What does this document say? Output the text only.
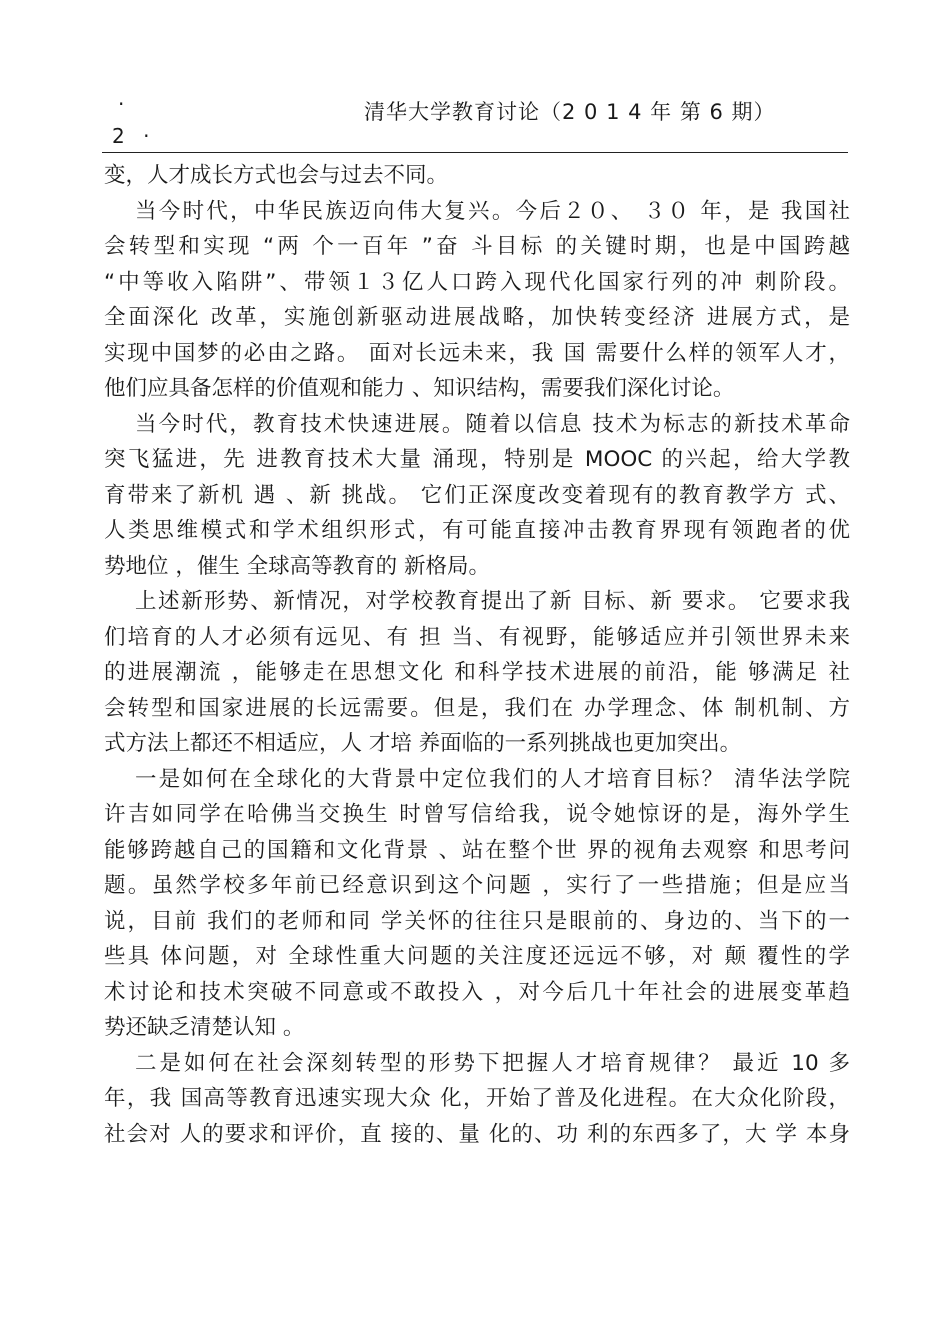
·	清华大学教育讨论（2 0 1 4 年 第 6 期）
2 ·
变，人才成长方式也会与过去不同。
当今时代，中华民族迈向伟大复兴。今后２０、 ３０ 年，是 我国社
会转型和实现 “两 个一百年 ”奋 斗目标 的关键时期，也是中国跨越
“中等收入陷阱”、带领１３亿人口跨入现代化国家行列的冲 刺阶段。
全面深化 改革，实施创新驱动进展战略，加快转变经济 进展方式，是
实现中国梦的必由之路。 面对长远未来，我 国 需要什么样的领军人才，
他们应具备怎样的价值观和能力 、知识结构，需要我们深化讨论。
当今时代，教育技术快速进展。随着以信息 技术为标志的新技术革命
突飞猛进，先 进教育技术大量 涌现，特别是 MOOC 的兴起，给大学教
育带来了新机 遇 、新 挑战。 它们正深度改变着现有的教育教学方 式、
人类思维模式和学术组织形式，有可能直接冲击教育界现有领跑者的优
势地位 ，催生 全球高等教育的 新格局。
上述新形势、新情况，对学校教育提出了新 目标、新 要求。 它要求我
们培育的人才必须有远见、有 担 当、有视野，能够适应并引领世界未来
的进展潮流 ，能够走在思想文化 和科学技术进展的前沿，能 够满足 社
会转型和国家进展的长远需要。但是，我们在 办学理念、体 制机制、方
式方法上都还不相适应，人 才培 养面临的一系列挑战也更加突出。
一是如何在全球化的大背景中定位我们的人才培育目标？ 清华法学院
许吉如同学在哈佛当交换生 时曾写信给我，说令她惊讶的是，海外学生
能够跨越自己的国籍和文化背景 、站在整个世 界的视角去观察 和思考问
题。虽然学校多年前已经意识到这个问题 ，实行了一些措施；但是应当
说，目前 我们的老师和同 学关怀的往往只是眼前的、身边的、当下的一
些具 体问题，对 全球性重大问题的关注度还远远不够，对 颠 覆性的学
术讨论和技术突破不同意或不敢投入 ，对今后几十年社会的进展变革趋
势还缺乏清楚认知 。
二是如何在社会深刻转型的形势下把握人才培育规律？ 最近 10 多
年，我 国高等教育迅速实现大众 化，开始了普及化进程。在大众化阶段，
社会对 人的要求和评价，直 接的、量 化的、功 利的东西多了，大 学 本身
